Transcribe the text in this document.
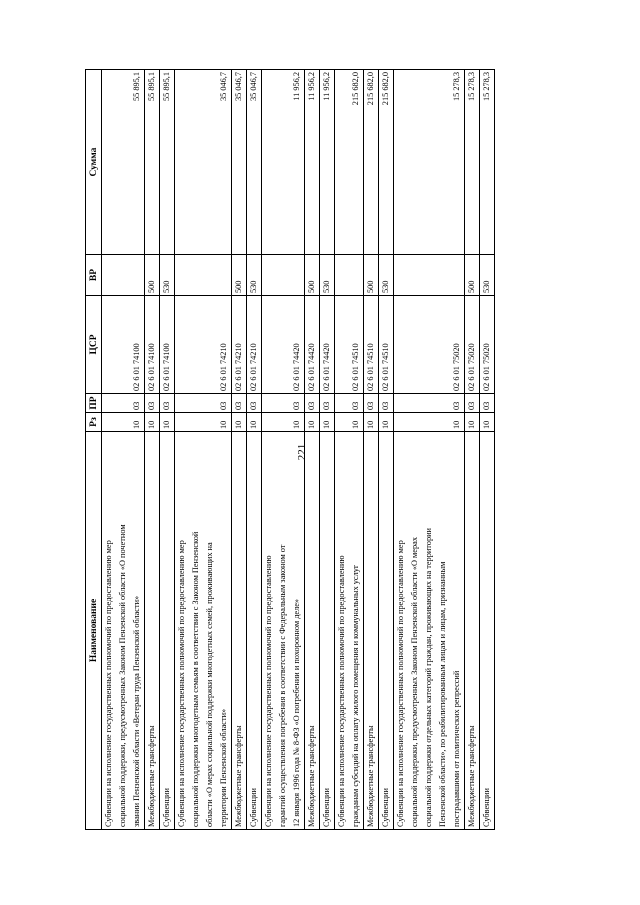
221
Наименование	Рз	ПР	ЦСР	ВР	Сумма

Субвенции на исполнение государственных полномочий по предоставлению мер социальной поддержки, предусмотренных Законом Пензенской области «О почетном звании Пензенской области «Ветеран труда Пензенской области»	10	03	02 6 01 74100		55 895,1

Межбюджетные трансферты	10	03	02 6 01 74100	500	55 895,1

Субвенции	10	03	02 6 01 74100	530	55 895,1

Субвенции на исполнение государственных полномочий по предоставлению мер социальной поддержки многодетным семьям в соответствии с Законом Пензенской области «О мерах социальной поддержки многодетных семей, проживающих на территории Пензенской области»	10	03	02 6 01 74210		35 046,7

Межбюджетные трансферты	10	03	02 6 01 74210	500	35 046,7

Субвенции	10	03	02 6 01 74210	530	35 046,7

Субвенции на исполнение государственных полномочий по предоставлению гарантий осуществления погребения в соответствии с Федеральным законом от 12 января 1996 года № 8-ФЗ «О погребении и похоронном деле»	10	03	02 6 01 74420		11 956,2

Межбюджетные трансферты	10	03	02 6 01 74420	500	11 956,2

Субвенции	10	03	02 6 01 74420	530	11 956,2

Субвенции на исполнение государственных полномочий по предоставлению гражданам субсидий на оплату жилого помещения и коммунальных услуг	10	03	02 6 01 74510		215 682,0

Межбюджетные трансферты	10	03	02 6 01 74510	500	215 682,0

Субвенции	10	03	02 6 01 74510	530	215 682,0

Субвенции на исполнение государственных полномочий по предоставлению мер социальной поддержки, предусмотренных Законом Пензенской области «О мерах социальной поддержки отдельных категорий граждан, проживающих на территории Пензенской области», по реабилитированным лицам и лицам, признанным пострадавшими от политических репрессий	10	03	02 6 01 75020		15 278,3

Межбюджетные трансферты	10	03	02 6 01 75020	500	15 278,3

Субвенции	10	03	02 6 01 75020	530	15 278,3
